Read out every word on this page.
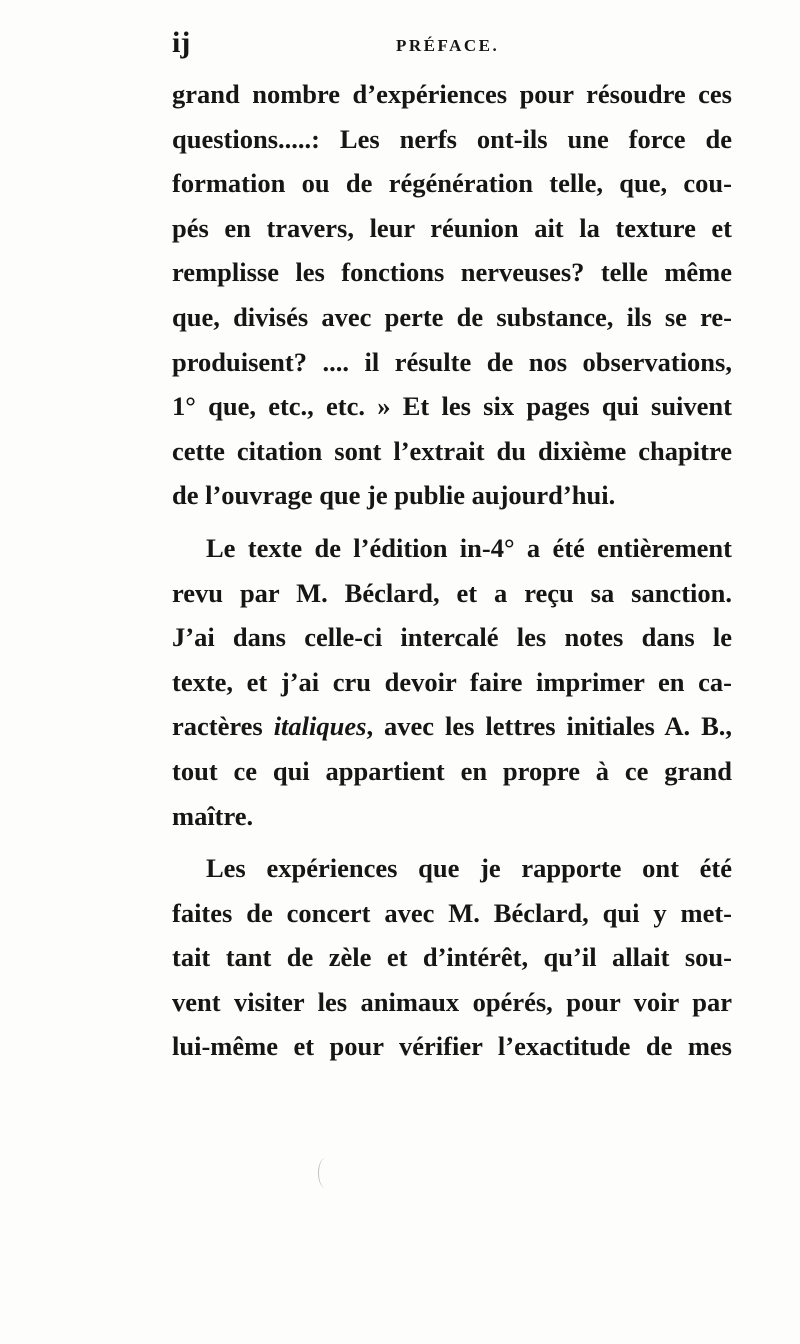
ij	PRÉFACE.
grand nombre d’expériences pour résoudre ces
questions.....: Les nerfs ont-ils une force de
formation ou de régénération telle, que, cou-
pés en travers, leur réunion ait la texture et
remplisse les fonctions nerveuses? telle même
que, divisés avec perte de substance, ils se re-
produisent? .... il résulte de nos observations,
1° que, etc., etc. » Et les six pages qui suivent
cette citation sont l’extrait du dixième chapitre
de l’ouvrage que je publie aujourd’hui.
Le texte de l’édition in-4° a été entièrement
revu par M. Béclard, et a reçu sa sanction.
J’ai dans celle-ci intercalé les notes dans le
texte, et j’ai cru devoir faire imprimer en ca-
ractères italiques, avec les lettres initiales A. B.,
tout ce qui appartient en propre à ce grand
maître.
Les expériences que je rapporte ont été
faites de concert avec M. Béclard, qui y met-
tait tant de zèle et d’intérêt, qu’il allait sou-
vent visiter les animaux opérés, pour voir par
lui-même et pour vérifier l’exactitude de mes
